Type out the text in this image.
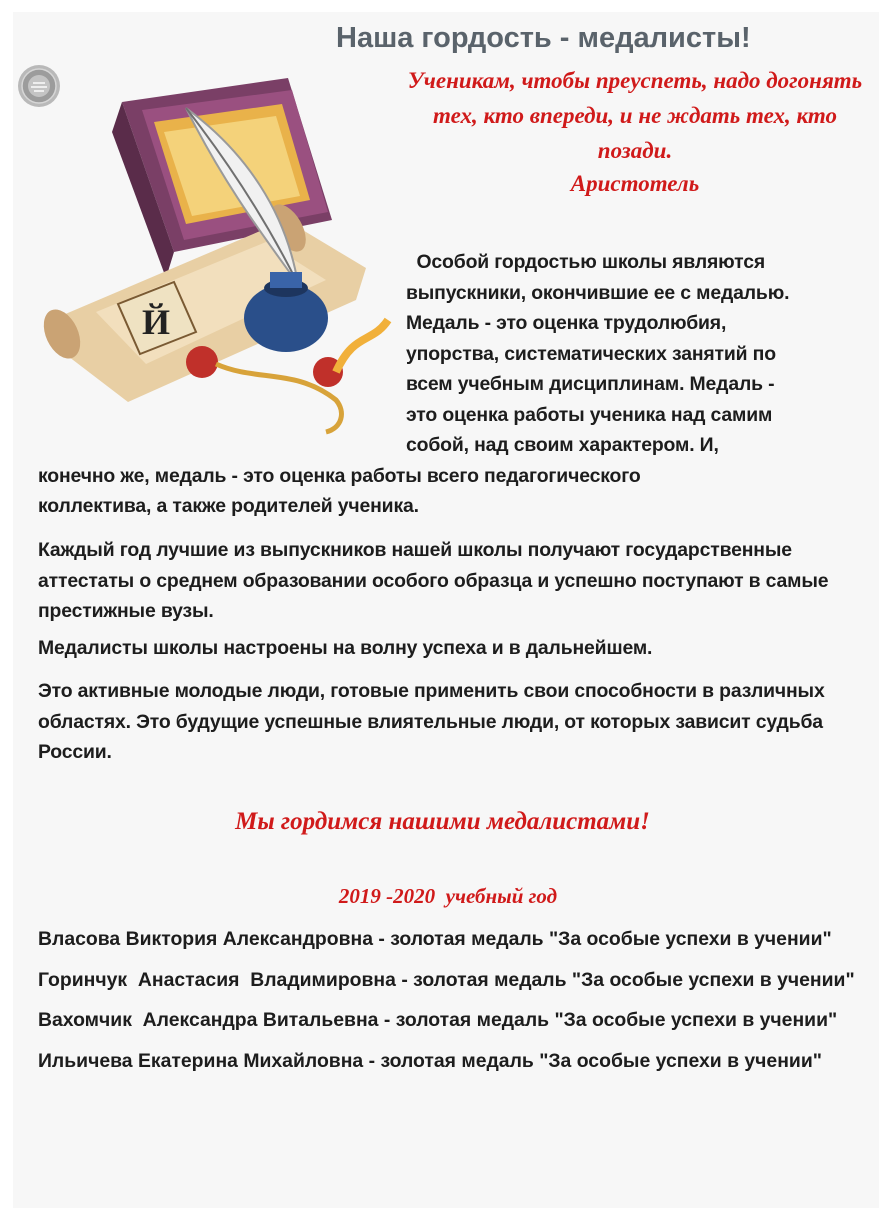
Наша гордость - медалисты!
Ученикам, чтобы преуспеть, надо догонять тех, кто впереди, и не ждать тех, кто позади.
Аристотель
Й
Особой гордостью школы являются
выпускники, окончившие ее с медалью.
Медаль - это оценка трудолюбия,
упорства, систематических занятий по
всем учебным дисциплинам. Медаль -
это оценка работы ученика над самим
собой, над своим характером. И,
конечно же, медаль - это оценка работы всего педагогического
коллектива, а также родителей ученика.
Каждый год лучшие из выпускников нашей школы получают государственные аттестаты о среднем образовании особого образца и успешно поступают в самые престижные вузы.
Медалисты школы настроены на волну успеха и в дальнейшем.
Это активные молодые люди, готовые применить свои способности в различных областях. Это будущие успешные влиятельные люди, от которых зависит судьба России.
Мы гордимся нашими медалистами!
2019 -2020  учебный год
Власова Виктория Александровна - золотая медаль "За особые успехи в учении"
Горинчук  Анастасия  Владимировна - золотая медаль "За особые успехи в учении"
Вахомчик  Александра Витальевна - золотая медаль "За особые успехи в учении"
Ильичева Екатерина Михайловна - золотая медаль "За особые успехи в учении"
